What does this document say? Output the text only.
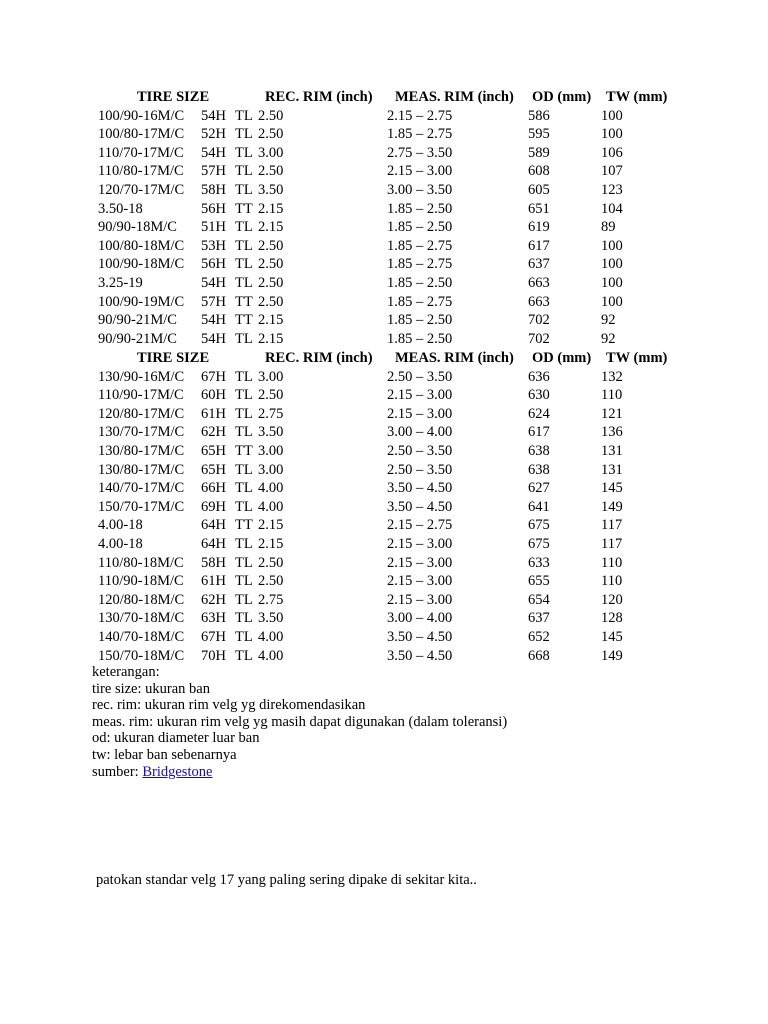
TIRE SIZE	REC. RIM (inch) MEAS. RIM (inch) OD (mm) TW (mm)
100/90-16M/C 54H TL 2.50	2.15 – 2.75	586	100
100/80-17M/C 52H TL 2.50	1.85 – 2.75	595	100
110/70-17M/C 54H TL 3.00	2.75 – 3.50	589	106
110/80-17M/C 57H TL 2.50	2.15 – 3.00	608	107
120/70-17M/C 58H TL 3.50	3.00 – 3.50	605	123
3.50-18	56H TT 2.15	1.85 – 2.50	651	104
90/90-18M/C 51H TL 2.15	1.85 – 2.50	619	89
100/80-18M/C 53H TL 2.50	1.85 – 2.75	617	100
100/90-18M/C 56H TL 2.50	1.85 – 2.75	637	100
3.25-19	54H TL 2.50	1.85 – 2.50	663	100
100/90-19M/C 57H TT 2.50	1.85 – 2.75	663	100
90/90-21M/C 54H TT 2.15	1.85 – 2.50	702	92
90/90-21M/C 54H TL 2.15	1.85 – 2.50	702	92
TIRE SIZE	REC. RIM (inch) MEAS. RIM (inch) OD (mm) TW (mm)
130/90-16M/C 67H TL 3.00	2.50 – 3.50	636	132
110/90-17M/C 60H TL 2.50	2.15 – 3.00	630	110
120/80-17M/C 61H TL 2.75	2.15 – 3.00	624	121
130/70-17M/C 62H TL 3.50	3.00 – 4.00	617	136
130/80-17M/C 65H TT 3.00	2.50 – 3.50	638	131
130/80-17M/C 65H TL 3.00	2.50 – 3.50	638	131
140/70-17M/C 66H TL 4.00	3.50 – 4.50	627	145
150/70-17M/C 69H TL 4.00	3.50 – 4.50	641	149
4.00-18	64H TT 2.15	2.15 – 2.75	675	117
4.00-18	64H TL 2.15	2.15 – 3.00	675	117
110/80-18M/C 58H TL 2.50	2.15 – 3.00	633	110
110/90-18M/C 61H TL 2.50	2.15 – 3.00	655	110
120/80-18M/C 62H TL 2.75	2.15 – 3.00	654	120
130/70-18M/C 63H TL 3.50	3.00 – 4.00	637	128
140/70-18M/C 67H TL 4.00	3.50 – 4.50	652	145
150/70-18M/C 70H TL 4.00	3.50 – 4.50	668	149
keterangan:
tire size: ukuran ban
rec. rim: ukuran rim velg yg direkomendasikan
meas. rim: ukuran rim velg yg masih dapat digunakan (dalam toleransi)
od: ukuran diameter luar ban
tw: lebar ban sebenarnya
sumber: Bridgestone
patokan standar velg 17 yang paling sering dipake di sekitar kita..
